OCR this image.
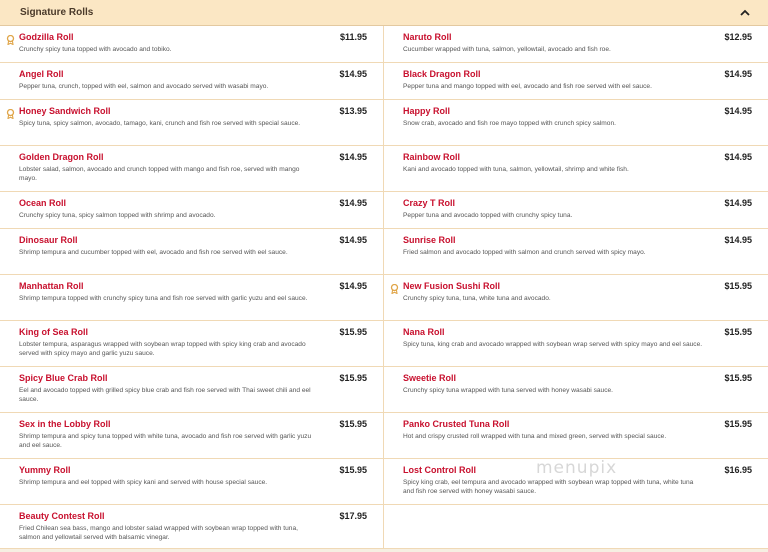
Signature Rolls
Godzilla Roll	$11.95
Crunchy spicy tuna topped with avocado and tobiko.
Naruto Roll	$12.95
Cucumber wrapped with tuna, salmon, yellowtail, avocado and fish roe.
Angel Roll	$14.95
Pepper tuna, crunch, topped with eel, salmon and avocado served with wasabi mayo.
Black Dragon Roll	$14.95
Pepper tuna and mango topped with eel, avocado and fish roe served with eel sauce.
Honey Sandwich Roll	$13.95
Spicy tuna, spicy salmon, avocado, tamago, kani, crunch and fish roe served with special sauce.
Happy Roll	$14.95
Snow crab, avocado and fish roe mayo topped with crunch spicy salmon.
Golden Dragon Roll	$14.95
Lobster salad, salmon, avocado and crunch topped with mango and fish roe, served with mango mayo.
Rainbow Roll	$14.95
Kani and avocado topped with tuna, salmon, yellowtail, shrimp and white fish.
Ocean Roll	$14.95
Crunchy spicy tuna, spicy salmon topped with shrimp and avocado.
Crazy T Roll	$14.95
Pepper tuna and avocado topped with crunchy spicy tuna.
Dinosaur Roll	$14.95
Shrimp tempura and cucumber topped with eel, avocado and fish roe served with eel sauce.
Sunrise Roll	$14.95
Fried salmon and avocado topped with salmon and crunch served with spicy mayo.
Manhattan Roll	$14.95
Shrimp tempura topped with crunchy spicy tuna and fish roe served with garlic yuzu and eel sauce.
New Fusion Sushi Roll	$15.95
Crunchy spicy tuna, tuna, white tuna and avocado.
King of Sea Roll	$15.95
Lobster tempura, asparagus wrapped with soybean wrap topped with spicy king crab and avocado served with spicy mayo and garlic yuzu sauce.
Nana Roll	$15.95
Spicy tuna, king crab and avocado wrapped with soybean wrap served with spicy mayo and eel sauce.
Spicy Blue Crab Roll	$15.95
Eel and avocado topped with grilled spicy blue crab and fish roe served with Thai sweet chili and eel sauce.
Sweetie Roll	$15.95
Crunchy spicy tuna wrapped with tuna served with honey wasabi sauce.
Sex in the Lobby Roll	$15.95
Shrimp tempura and spicy tuna topped with white tuna, avocado and fish roe served with garlic yuzu and eel sauce.
Panko Crusted Tuna Roll	$15.95
Hot and crispy crusted roll wrapped with tuna and mixed green, served with special sauce.
Yummy Roll	$15.95
Shrimp tempura and eel topped with spicy kani and served with house special sauce.
Lost Control Roll	$16.95
Spicy king crab, eel tempura and avocado wrapped with soybean wrap topped with tuna, white tuna and fish roe served with honey wasabi sauce.
Beauty Contest Roll	$17.95
Fried Chilean sea bass, mango and lobster salad wrapped with soybean wrap topped with tuna, salmon and yellowtail served with balsamic vinegar.
menupix
